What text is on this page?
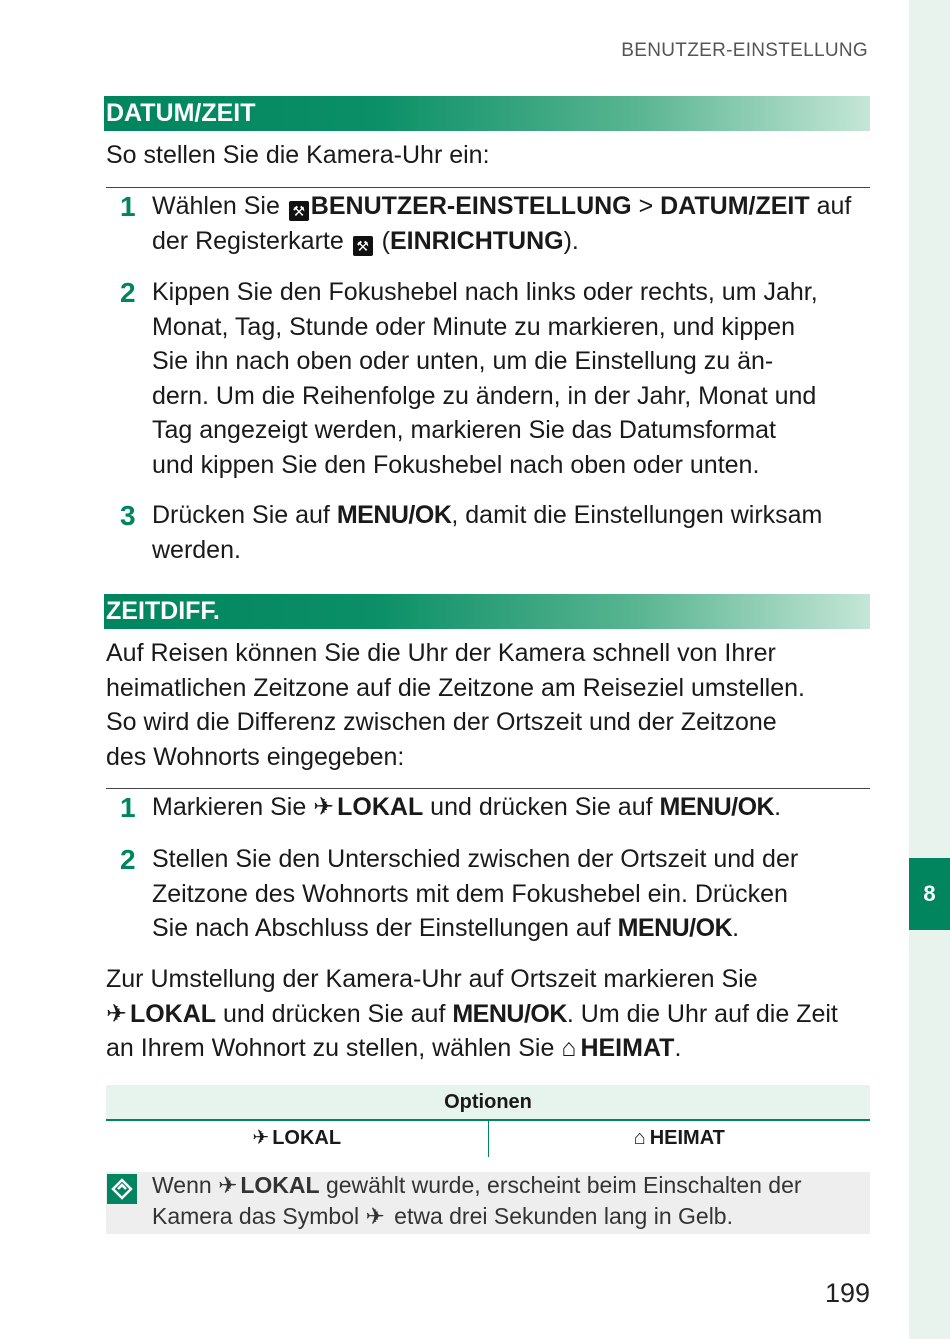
8
BENUTZER-EINSTELLUNG
DATUM/ZEIT

So stellen Sie die Kamera-Uhr ein:

1 Wählen Sie ⚒ BENUTZER-EINSTELLUNG > DATUM/ZEIT auf der Registerkarte ⚒ (EINRICHTUNG).

2 Kippen Sie den Fokushebel nach links oder rechts, um Jahr,
Monat, Tag, Stunde oder Minute zu markieren, und kippen
Sie ihn nach oben oder unten, um die Einstellung zu än-
dern. Um die Reihenfolge zu ändern, in der Jahr, Monat und
Tag angezeigt werden, markieren Sie das Datumsformat
und kippen Sie den Fokushebel nach oben oder unten.

3 Drücken Sie auf MENU/OK, damit die Einstellungen wirksam
werden.

ZEITDIFF.

Auf Reisen können Sie die Uhr der Kamera schnell von Ihrer
heimatlichen Zeitzone auf die Zeitzone am Reiseziel umstellen.
So wird die Differenz zwischen der Ortszeit und der Zeitzone
des Wohnorts eingegeben:

1 Markieren Sie ✈ LOKAL und drücken Sie auf MENU/OK.

2 Stellen Sie den Unterschied zwischen der Ortszeit und der
Zeitzone des Wohnorts mit dem Fokushebel ein. Drücken
Sie nach Abschluss der Einstellungen auf MENU/OK.

Zur Umstellung der Kamera-Uhr auf Ortszeit markieren Sie
✈ LOKAL und drücken Sie auf MENU/OK. Um die Uhr auf die Zeit
an Ihrem Wohnort zu stellen, wählen Sie ⌂ HEIMAT.

Optionen
✈ LOKAL	⌂ HEIMAT

Wenn ✈ LOKAL gewählt wurde, erscheint beim Einschalten der
Kamera das Symbol ✈ etwa drei Sekunden lang in Gelb.

199
